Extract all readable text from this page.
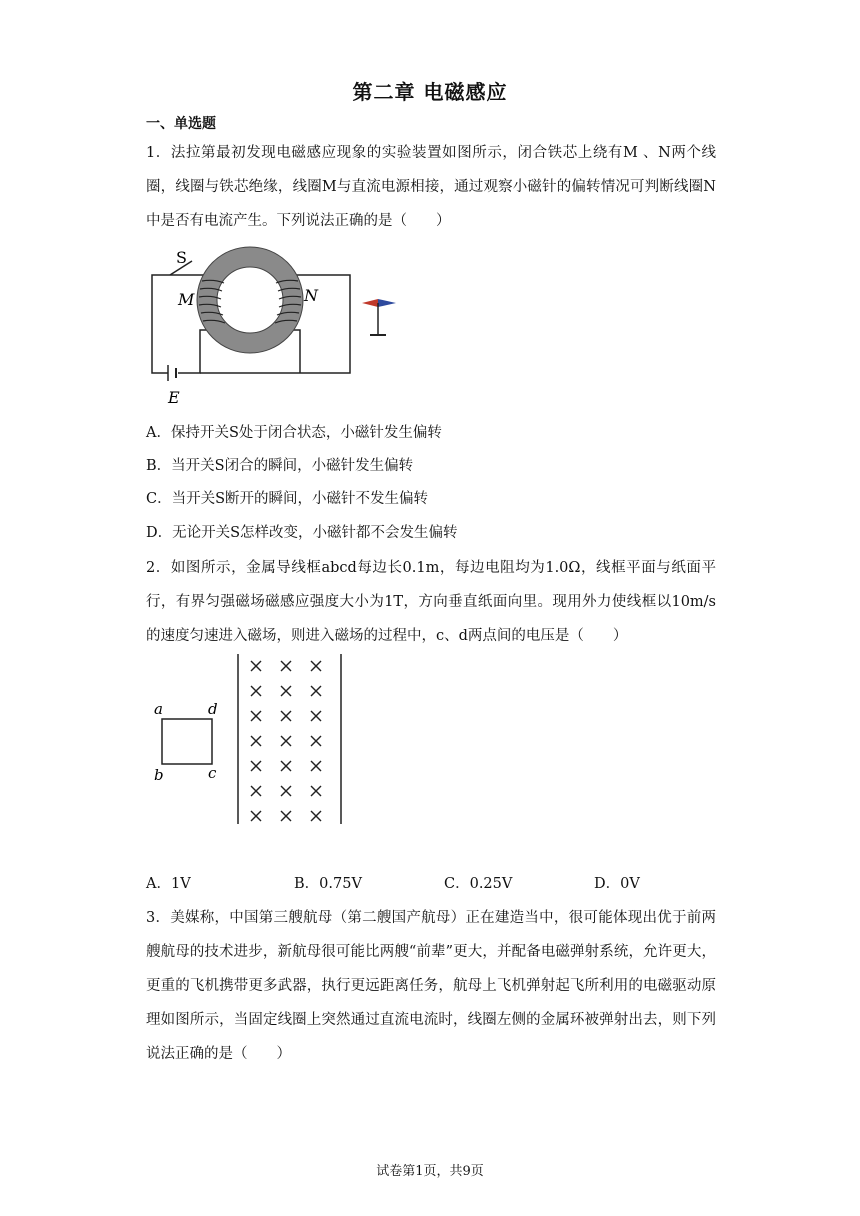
第二章 电磁感应
一、单选题
1．法拉第最初发现电磁感应现象的实验装置如图所示，闭合铁芯上绕有M 、N两个线圈，线圈与铁芯绝缘，线圈M与直流电源相接，通过观察小磁针的偏转情况可判断线圈N中是否有电流产生。下列说法正确的是（　　）
S
M	N
E
A．保持开关S处于闭合状态，小磁针发生偏转
B．当开关S闭合的瞬间，小磁针发生偏转
C．当开关S断开的瞬间，小磁针不发生偏转
D．无论开关S怎样改变，小磁针都不会发生偏转
2．如图所示，金属导线框abcd每边长0.1m，每边电阻均为1.0Ω，线框平面与纸面平行，有界匀强磁场磁感应强度大小为1T，方向垂直纸面向里。现用外力使线框以10m/s的速度匀速进入磁场，则进入磁场的过程中，c、d两点间的电压是（　　）
a	d
b	c
A．1V	B．0.75V	C．0.25V	D．0V
3．美媒称，中国第三艘航母（第二艘国产航母）正在建造当中，很可能体现出优于前两艘航母的技术进步，新航母很可能比两艘“前辈”更大，并配备电磁弹射系统，允许更大，更重的飞机携带更多武器，执行更远距离任务，航母上飞机弹射起飞所利用的电磁驱动原理如图所示，当固定线圈上突然通过直流电流时，线圈左侧的金属环被弹射出去，则下列说法正确的是（　　）
试卷第1页，共9页
